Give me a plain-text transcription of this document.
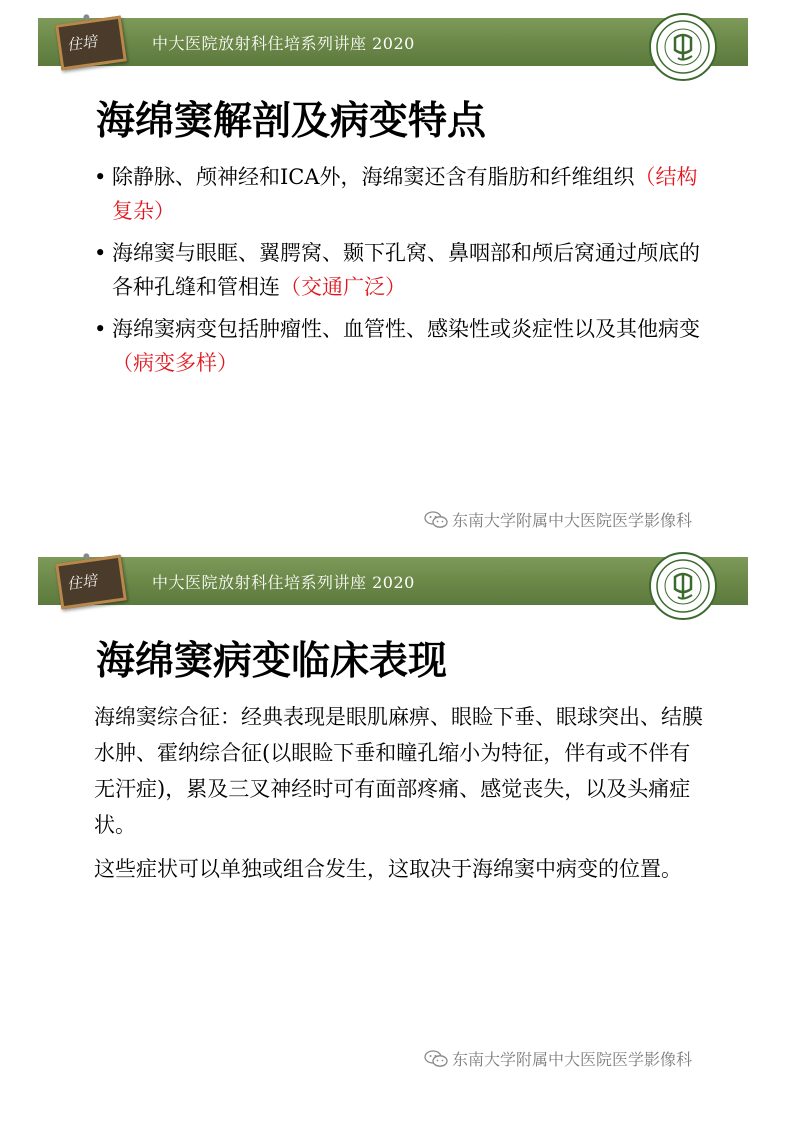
住培	中大医院放射科住培系列讲座 2020
海绵窦解剖及病变特点
• 除静脉、颅神经和ICA外，海绵窦还含有脂肪和纤维组织（结构复杂）
• 海绵窦与眼眶、翼腭窝、颞下孔窝、鼻咽部和颅后窝通过颅底的各种孔缝和管相连（交通广泛）
• 海绵窦病变包括肿瘤性、血管性、感染性或炎症性以及其他病变（病变多样）
东南大学附属中大医院医学影像科
住培	中大医院放射科住培系列讲座 2020
海绵窦病变临床表现

海绵窦综合征：经典表现是眼肌麻痹、眼睑下垂、眼球突出、结膜水肿、霍纳综合征(以眼睑下垂和瞳孔缩小为特征，伴有或不伴有无汗症)，累及三叉神经时可有面部疼痛、感觉丧失，以及头痛症状。

这些症状可以单独或组合发生，这取决于海绵窦中病变的位置。

东南大学附属中大医院医学影像科
